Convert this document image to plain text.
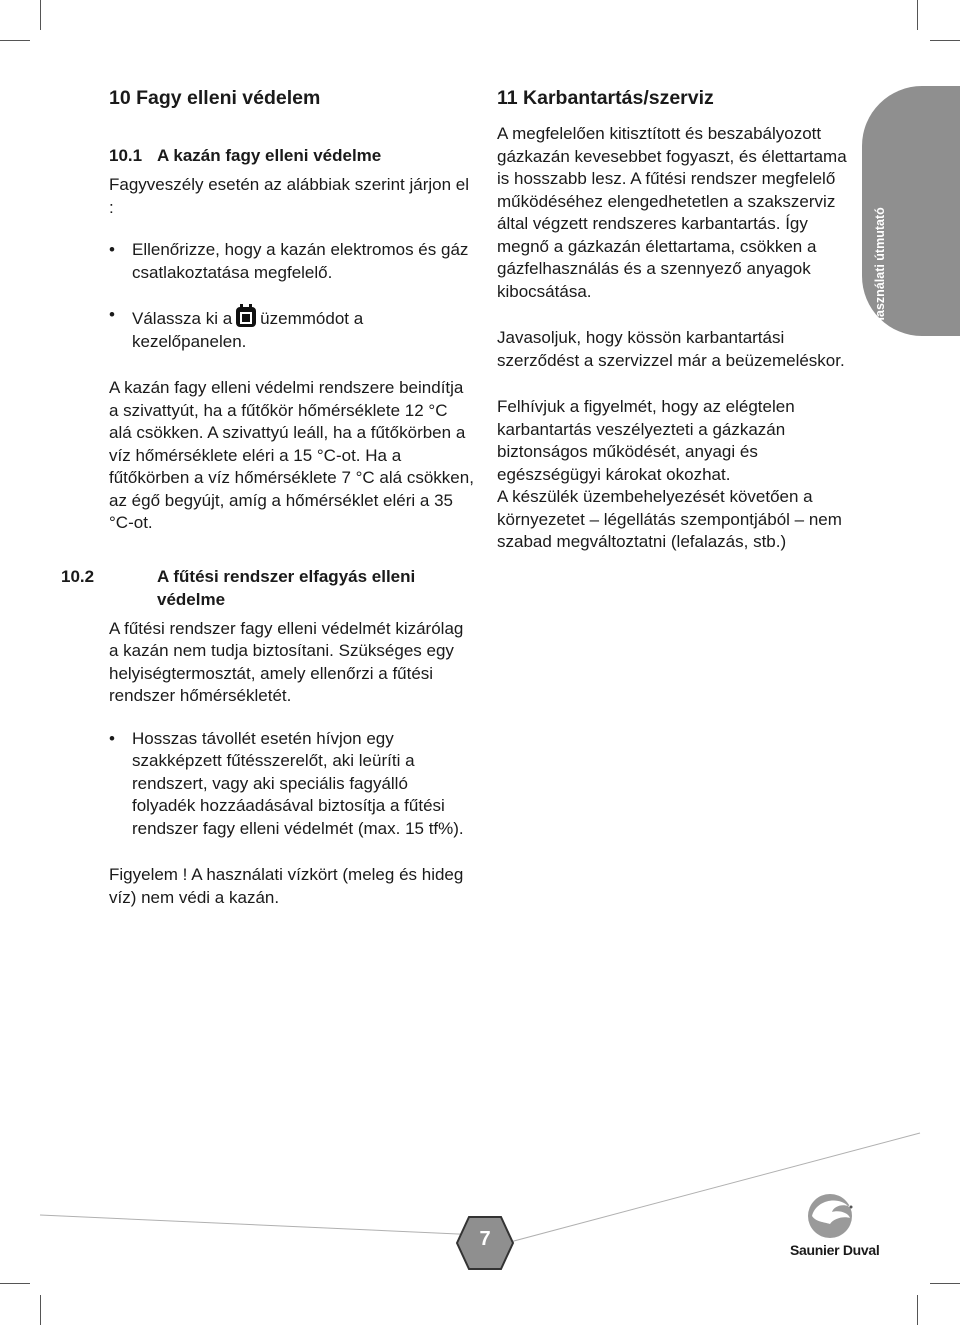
Használati útmutató
10 Fagy elleni védelem
10.1 A kazán fagy elleni védelme

Fagyveszély esetén az alábbiak szerint járjon el :

• Ellenőrizze, hogy a kazán elektromos és gáz csatlakoztatása megfelelő.
• Válassza ki a üzemmódot a kezelőpanelen.

A kazán fagy elleni védelmi rendszere beindítja a szivattyút, ha a fűtőkör hőmérséklete 12 °C alá csökken. A szivattyú leáll, ha a fűtőkörben a víz hőmérséklete eléri a 15 °C-ot. Ha a fűtőkörben a víz hőmérséklete 7 °C alá csökken, az égő begyújt, amíg a hőmérséklet eléri a 35 °C-ot.

10.2	A fűtési rendszer elfagyás elleni védelme

A fűtési rendszer fagy elleni védelmét kizárólag a kazán nem tudja biztosítani. Szükséges egy helyiségtermosztát, amely ellenőrzi a fűtési rendszer hőmérsékletét.

• Hosszas távollét esetén hívjon egy szakképzett fűtésszerelőt, aki leüríti a rendszert, vagy aki speciális fagyálló folyadék hozzáadásával biztosítja a fűtési rendszer fagy elleni védelmét (max. 15 tf%).

Figyelem ! A használati vízkört (meleg és hideg víz) nem védi a kazán.

11 Karbantartás/szerviz

A megfelelően kitisztított és beszabályozott gázkazán kevesebbet fogyaszt, és élettartama is hosszabb lesz. A fűtési rendszer megfelelő működéséhez elengedhetetlen a szakszerviz által végzett rendszeres karbantartás. Így megnő a gázkazán élettartama, csökken a gázfelhasználás és a szennyező anyagok kibocsátása.

Javasoljuk, hogy kössön karbantartási szerződést a szervizzel már a beüzemeléskor.

Felhívjuk a figyelmét, hogy az elégtelen karbantartás veszélyezteti a gázkazán biztonságos működését, anyagi és egészségügyi károkat okozhat.

A készülék üzembehelyezését követően a környezetet – légellátás szempontjából – nem szabad megváltoztatni (lefalazás, stb.)

7	Saunier Duval
